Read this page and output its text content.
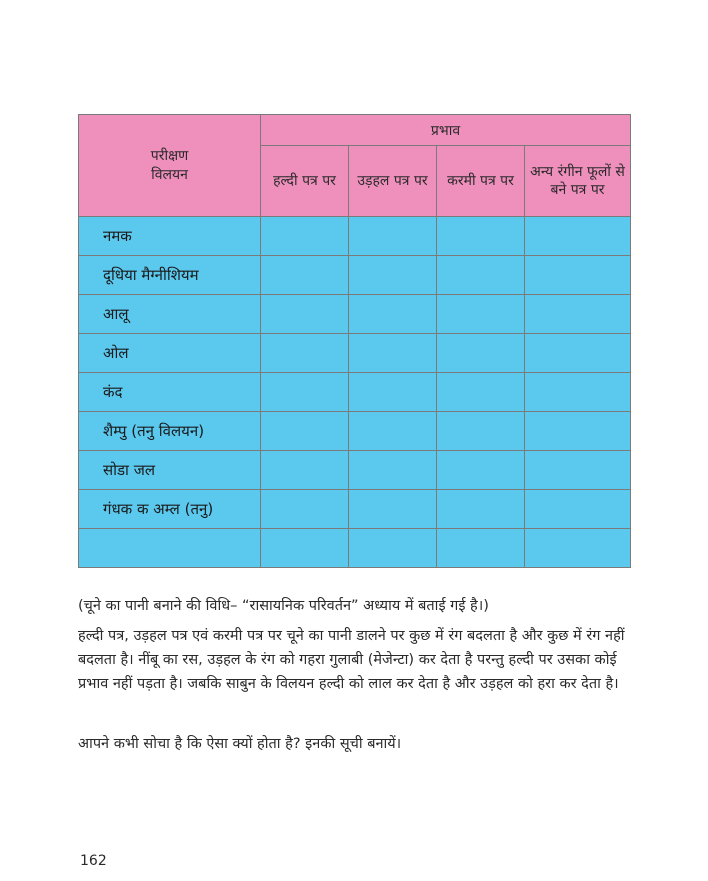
परीक्षण
विलयन	प्रभाव			
	हल्दी पत्र पर	उड़हल पत्र पर	करमी पत्र पर	अन्य रंगीन फूलों से बने पत्र पर
नमक				
दूधिया मैग्नीशियम				
आलू				
ओल				
कंद				
शैम्पु (तनु विलयन)				
सोडा जल				
गंधक क अम्ल (तनु)				

(चूने का पानी बनाने की विधि– “रासायनिक परिवर्तन” अध्याय में बताई गई है।)
हल्दी पत्र, उड़हल पत्र एवं करमी पत्र पर चूने का पानी डालने पर कुछ में रंग बदलता है और कुछ में रंग नहीं बदलता है। नींबू का रस, उड़हल के रंग को गहरा गुलाबी (मेजेन्टा) कर देता है परन्तु हल्दी पर उसका कोई प्रभाव नहीं पड़ता है। जबकि साबुन के विलयन हल्दी को लाल कर देता है और उड़हल को हरा कर देता है।
आपने कभी सोचा है कि ऐसा क्यों होता है? इनकी सूची बनायें।
162
